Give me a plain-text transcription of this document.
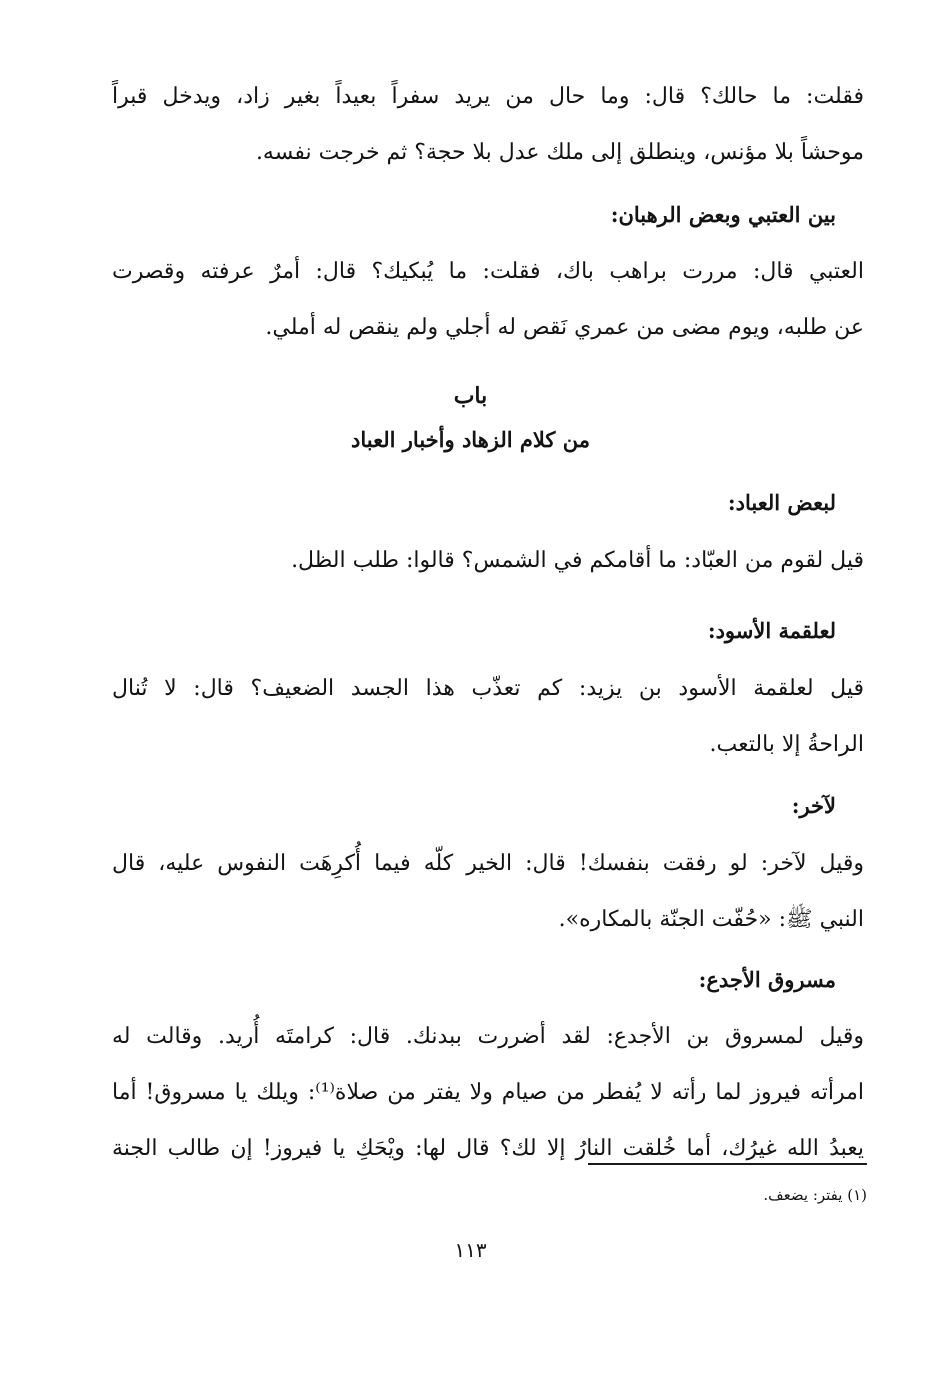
فقلت: ما حالك؟ قال: وما حال من يريد سفراً بعيداً بغير زاد، ويدخل قبراً
موحشاً بلا مؤنس، وينطلق إلى ملك عدل بلا حجة؟ ثم خرجت نفسه.
بين العتبي وبعض الرهبان:
العتبي قال: مررت براهب باك، فقلت: ما يُبكيك؟ قال: أمرٌ عرفته وقصرت
عن طلبه، ويوم مضى من عمري نَقص له أجلي ولم ينقص له أملي.
باب
من كلام الزهاد وأخبار العباد
لبعض العباد:
قيل لقوم من العبّاد: ما أقامكم في الشمس؟ قالوا: طلب الظل.
لعلقمة الأسود:
قيل لعلقمة الأسود بن يزيد: كم تعذّب هذا الجسد الضعيف؟ قال: لا تُنال
الراحةُ إلا بالتعب.
لآخر:
وقيل لآخر: لو رفقت بنفسك! قال: الخير كلّه فيما أُكرِهَت النفوس عليه، قال
النبي ﷺ: «حُفّت الجنّة بالمكاره».
مسروق الأجدع:
وقيل لمسروق بن الأجدع: لقد أضررت ببدنك. قال: كرامتَه أُريد. وقالت له
امرأته فيروز لما رأته لا يُفطر من صيام ولا يفتر من صلاة⁽¹⁾: ويلك يا مسروق! أما
يعبدُ الله غيرُك، أما خُلقت النارُ إلا لك؟ قال لها: ويْحَكِ يا فيروز! إن طالب الجنة
(١) يفتر: يضعف.
١١٣
